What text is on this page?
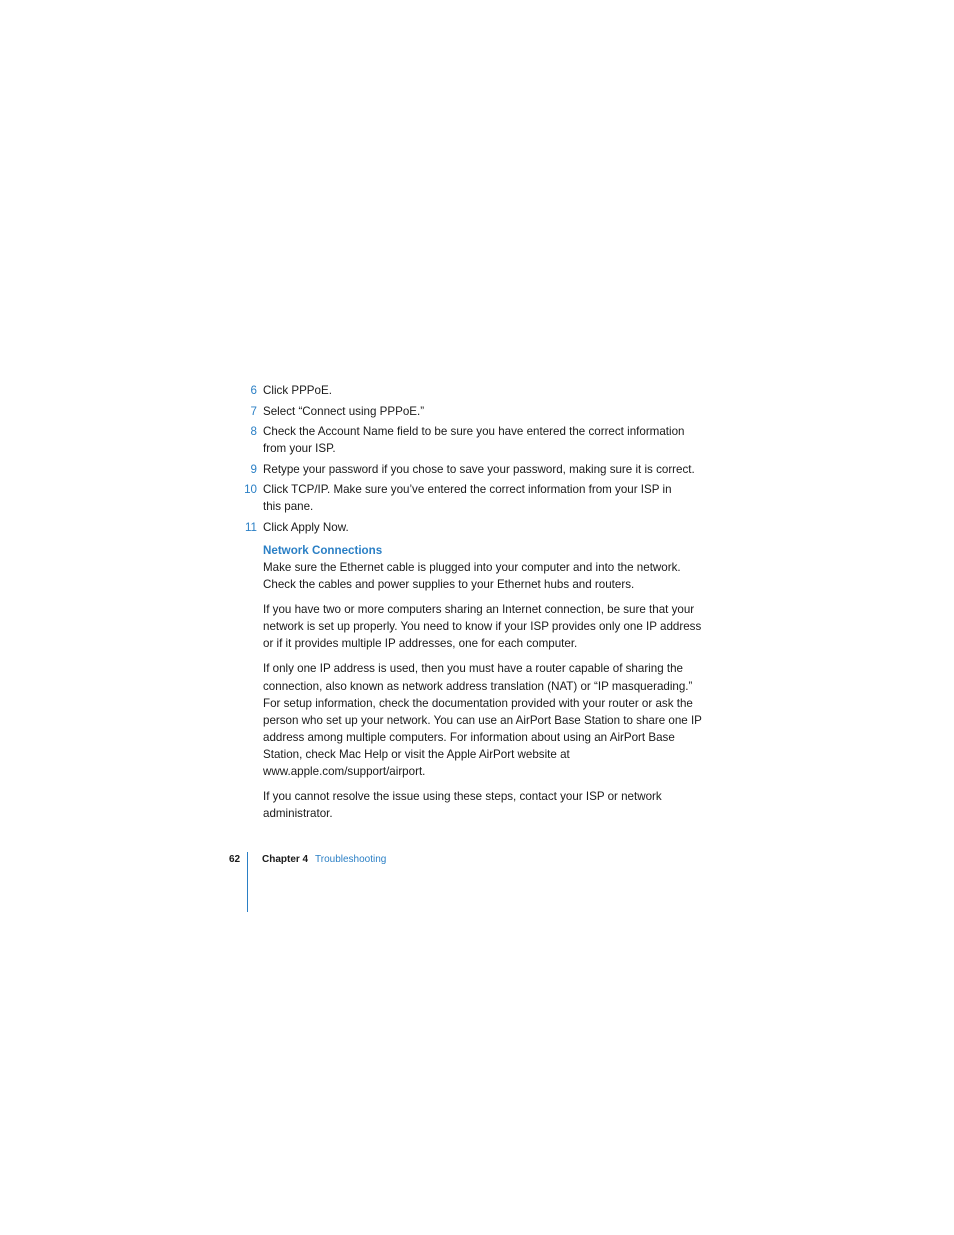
6 Click PPPoE.
7 Select “Connect using PPPoE.”
8 Check the Account Name field to be sure you have entered the correct information from your ISP.
9 Retype your password if you chose to save your password, making sure it is correct.
10 Click TCP/IP. Make sure you’ve entered the correct information from your ISP in this pane.
11 Click Apply Now.
Network Connections

Make sure the Ethernet cable is plugged into your computer and into the network. Check the cables and power supplies to your Ethernet hubs and routers.

If you have two or more computers sharing an Internet connection, be sure that your network is set up properly. You need to know if your ISP provides only one IP address or if it provides multiple IP addresses, one for each computer.

If only one IP address is used, then you must have a router capable of sharing the connection, also known as network address translation (NAT) or “IP masquerading.” For setup information, check the documentation provided with your router or ask the person who set up your network. You can use an AirPort Base Station to share one IP address among multiple computers. For information about using an AirPort Base Station, check Mac Help or visit the Apple AirPort website at www.apple.com/support/airport.

If you cannot resolve the issue using these steps, contact your ISP or network administrator.

62 Chapter 4 Troubleshooting
